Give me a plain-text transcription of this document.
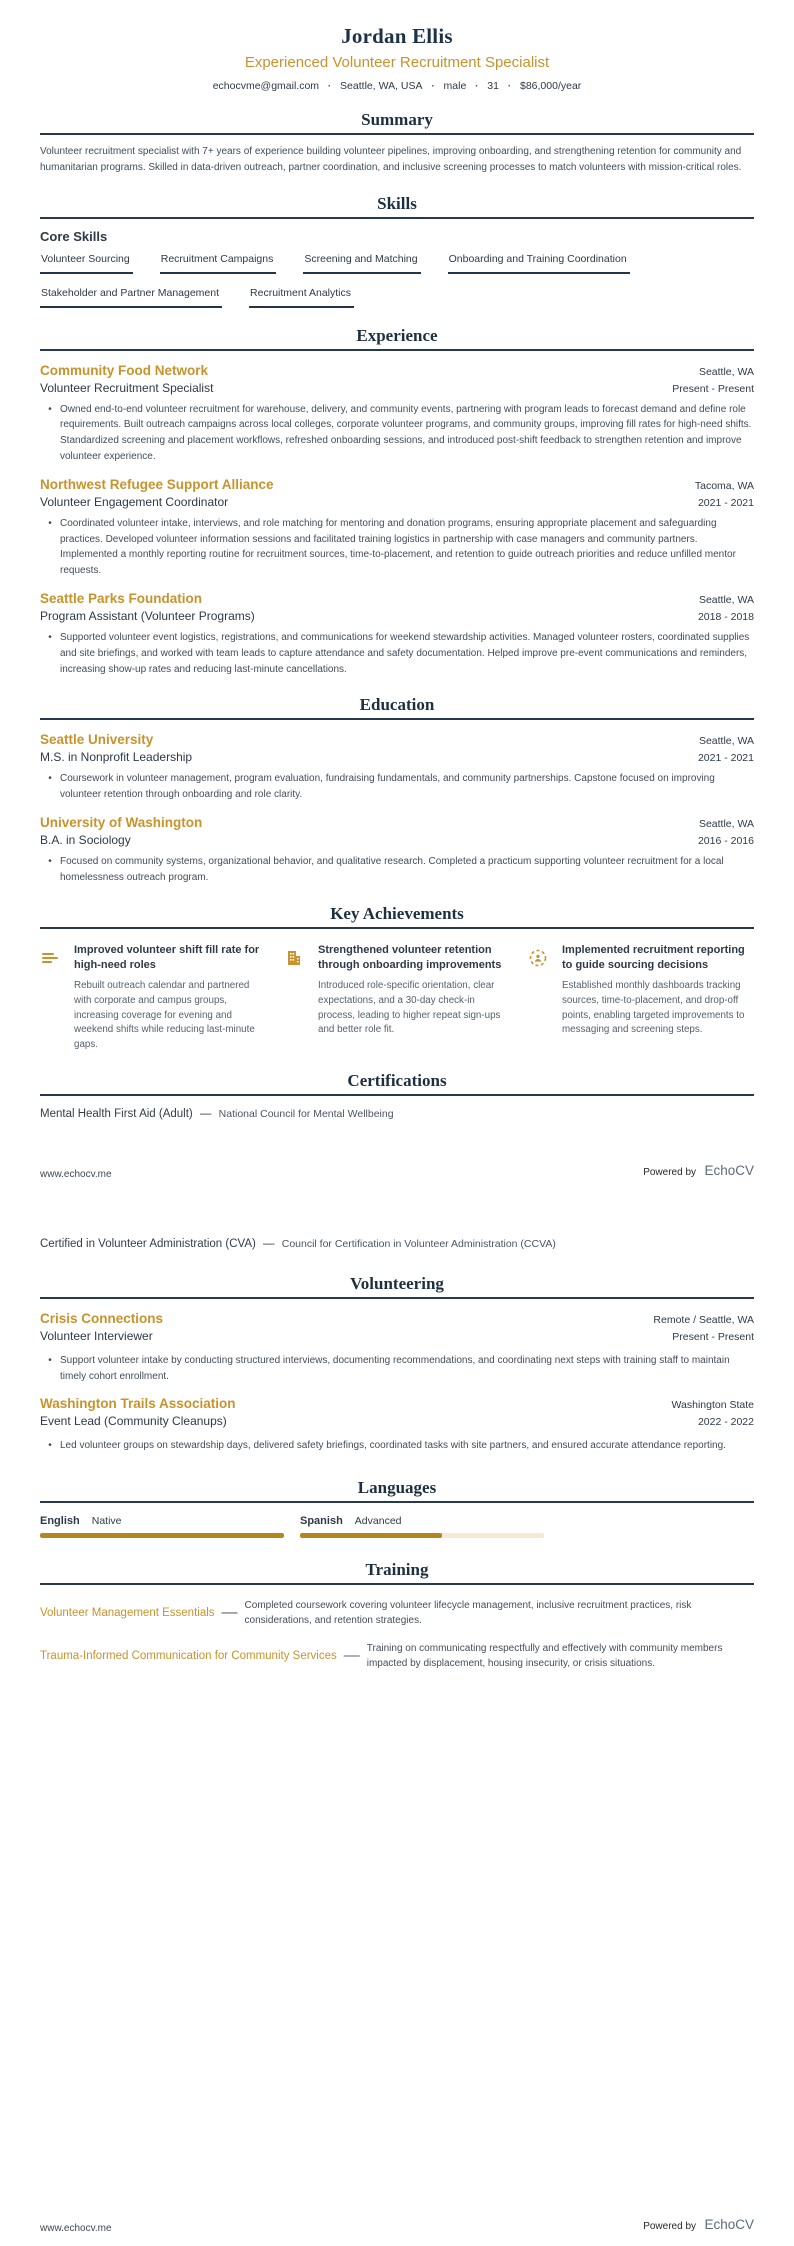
Jordan Ellis
Experienced Volunteer Recruitment Specialist
echocvme@gmail.com · Seattle, WA, USA · male · 31 · $86,000/year
Summary

Volunteer recruitment specialist with 7+ years of experience building volunteer pipelines, improving onboarding, and strengthening retention for community and humanitarian programs. Skilled in data-driven outreach, partner coordination, and inclusive screening processes to match volunteers with mission-critical roles.

Skills
Core Skills
Volunteer Sourcing	Recruitment Campaigns	Screening and Matching	Onboarding and Training Coordination
Stakeholder and Partner Management	Recruitment Analytics
Experience
Community Food Network	Seattle, WA
Volunteer Recruitment Specialist	Present - Present
• Owned end-to-end volunteer recruitment for warehouse, delivery, and community events, partnering with program leads to forecast demand and define role requirements. Built outreach campaigns across local colleges, corporate volunteer programs, and community groups, improving fill rates for high-need shifts. Standardized screening and placement workflows, refreshed onboarding sessions, and introduced post-shift feedback to strengthen retention and improve volunteer experience.

Northwest Refugee Support Alliance	Tacoma, WA
Volunteer Engagement Coordinator	2021 - 2021
• Coordinated volunteer intake, interviews, and role matching for mentoring and donation programs, ensuring appropriate placement and safeguarding practices. Developed volunteer information sessions and facilitated training logistics in partnership with case managers and community partners. Implemented a monthly reporting routine for recruitment sources, time-to-placement, and retention to guide outreach priorities and reduce unfilled mentor requests.

Seattle Parks Foundation	Seattle, WA
Program Assistant (Volunteer Programs)	2018 - 2018
• Supported volunteer event logistics, registrations, and communications for weekend stewardship activities. Managed volunteer rosters, coordinated supplies and site briefings, and worked with team leads to capture attendance and safety documentation. Helped improve pre-event communications and reminders, increasing show-up rates and reducing last-minute cancellations.

Education
Seattle University	Seattle, WA
M.S. in Nonprofit Leadership	2021 - 2021
• Coursework in volunteer management, program evaluation, fundraising fundamentals, and community partnerships. Capstone focused on improving volunteer retention through onboarding and role clarity.

University of Washington	Seattle, WA
B.A. in Sociology	2016 - 2016
• Focused on community systems, organizational behavior, and qualitative research. Completed a practicum supporting volunteer recruitment for a local homelessness outreach program.

Key Achievements
Improved volunteer shift fill rate for high-need roles
Rebuilt outreach calendar and partnered with corporate and campus groups, increasing coverage for evening and weekend shifts while reducing last-minute gaps.
Strengthened volunteer retention through onboarding improvements
Introduced role-specific orientation, clear expectations, and a 30-day check-in process, leading to higher repeat sign-ups and better role fit.
Implemented recruitment reporting to guide sourcing decisions
Established monthly dashboards tracking sources, time-to-placement, and drop-off points, enabling targeted improvements to messaging and screening steps.
Certifications
Mental Health First Aid (Adult) — National Council for Mental Wellbeing
www.echocv.me	Powered by EchoCV
Certified in Volunteer Administration (CVA) — Council for Certification in Volunteer Administration (CCVA)
Volunteering
Crisis Connections	Remote / Seattle, WA
Volunteer Interviewer	Present - Present
• Support volunteer intake by conducting structured interviews, documenting recommendations, and coordinating next steps with training staff to maintain timely cohort enrollment.

Washington Trails Association	Washington State
Event Lead (Community Cleanups)	2022 - 2022
• Led volunteer groups on stewardship days, delivered safety briefings, coordinated tasks with site partners, and ensured accurate attendance reporting.

Languages
English Native	Spanish Advanced
Training
Volunteer Management Essentials — Completed coursework covering volunteer lifecycle management, inclusive recruitment practices, risk considerations, and retention strategies.
Trauma-Informed Communication for Community Services — Training on communicating respectfully and effectively with community members impacted by displacement, housing insecurity, or crisis situations.
www.echocv.me	Powered by EchoCV
